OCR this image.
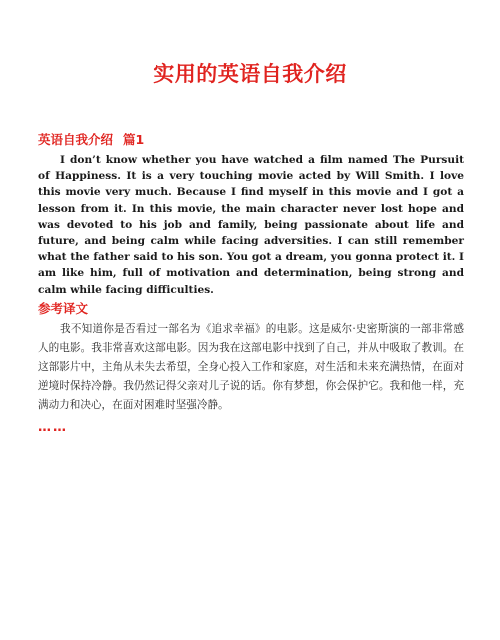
实用的英语自我介绍
英语自我介绍 篇1

I don’t know whether you have watched a film named The Pursuit of Happiness. It is a very touching movie acted by Will Smith. I love this movie very much. Because I find myself in this movie and I got a lesson from it. In this movie, the main character never lost hope and was devoted to his job and family, being passionate about life and future, and being calm while facing adversities. I can still remember what the father said to his son. You got a dream, you gonna protect it. I am like him, full of motivation and determination, being strong and calm while facing difficulties.

参考译文

我不知道你是否看过一部名为《追求幸福》的电影。这是威尔·史密斯演的一部非常感人的电影。我非常喜欢这部电影。因为我在这部电影中找到了自己，并从中吸取了教训。在这部影片中，主角从未失去希望，全身心投入工作和家庭，对生活和未来充满热情，在面对逆境时保持冷静。我仍然记得父亲对儿子说的话。你有梦想，你会保护它。我和他一样，充满动力和决心，在面对困难时坚强冷静。

……
